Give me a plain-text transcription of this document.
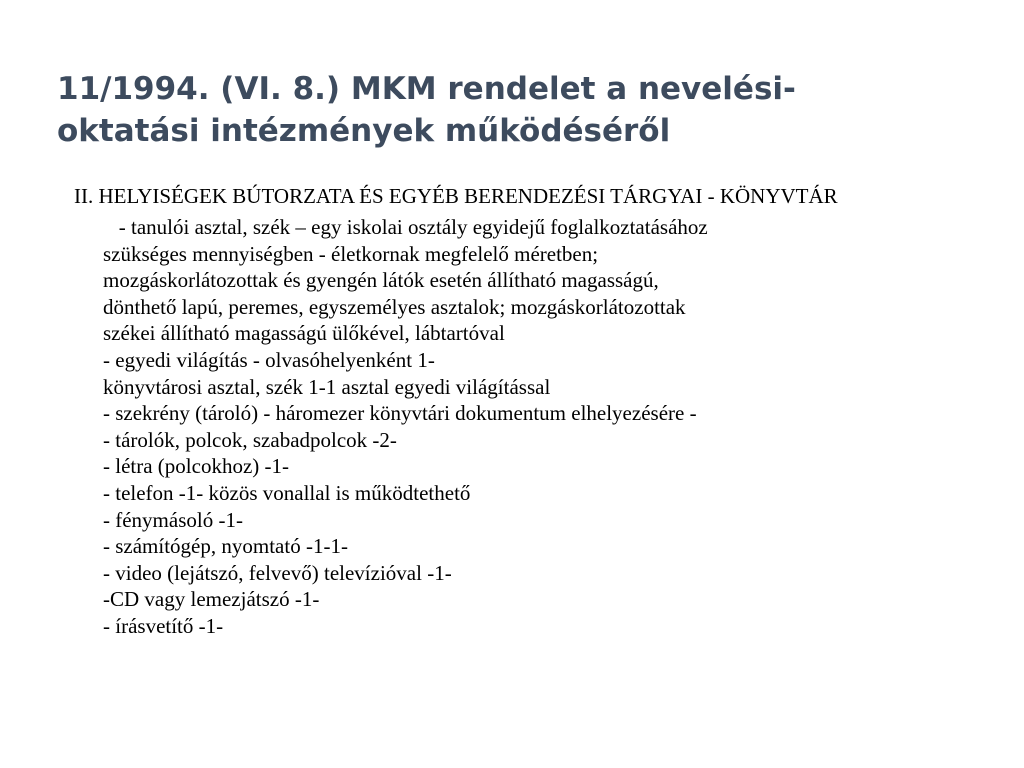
11/1994. (VI. 8.) MKM rendelet a nevelési-
oktatási intézmények működéséről

II. HELYISÉGEK BÚTORZATA ÉS EGYÉB BERENDEZÉSI TÁRGYAI - KÖNYVTÁR

- tanulói asztal, szék – egy iskolai osztály egyidejű foglalkoztatásához
szükséges mennyiségben - életkornak megfelelő méretben;
mozgáskorlátozottak és gyengén látók esetén állítható magasságú,
dönthető lapú, peremes, egyszemélyes asztalok; mozgáskorlátozottak
székei állítható magasságú ülőkével, lábtartóval
- egyedi világítás - olvasóhelyenként 1-
könyvtárosi asztal, szék 1-1 asztal egyedi világítással
- szekrény (tároló) - háromezer könyvtári dokumentum elhelyezésére -
- tárolók, polcok, szabadpolcok -2-
- létra (polcokhoz) -1-
- telefon -1- közös vonallal is működtethető
- fénymásoló -1-
- számítógép, nyomtató -1-1-
- video (lejátszó, felvevő) televízióval -1-
-CD vagy lemezjátszó -1-
- írásvetítő -1-
